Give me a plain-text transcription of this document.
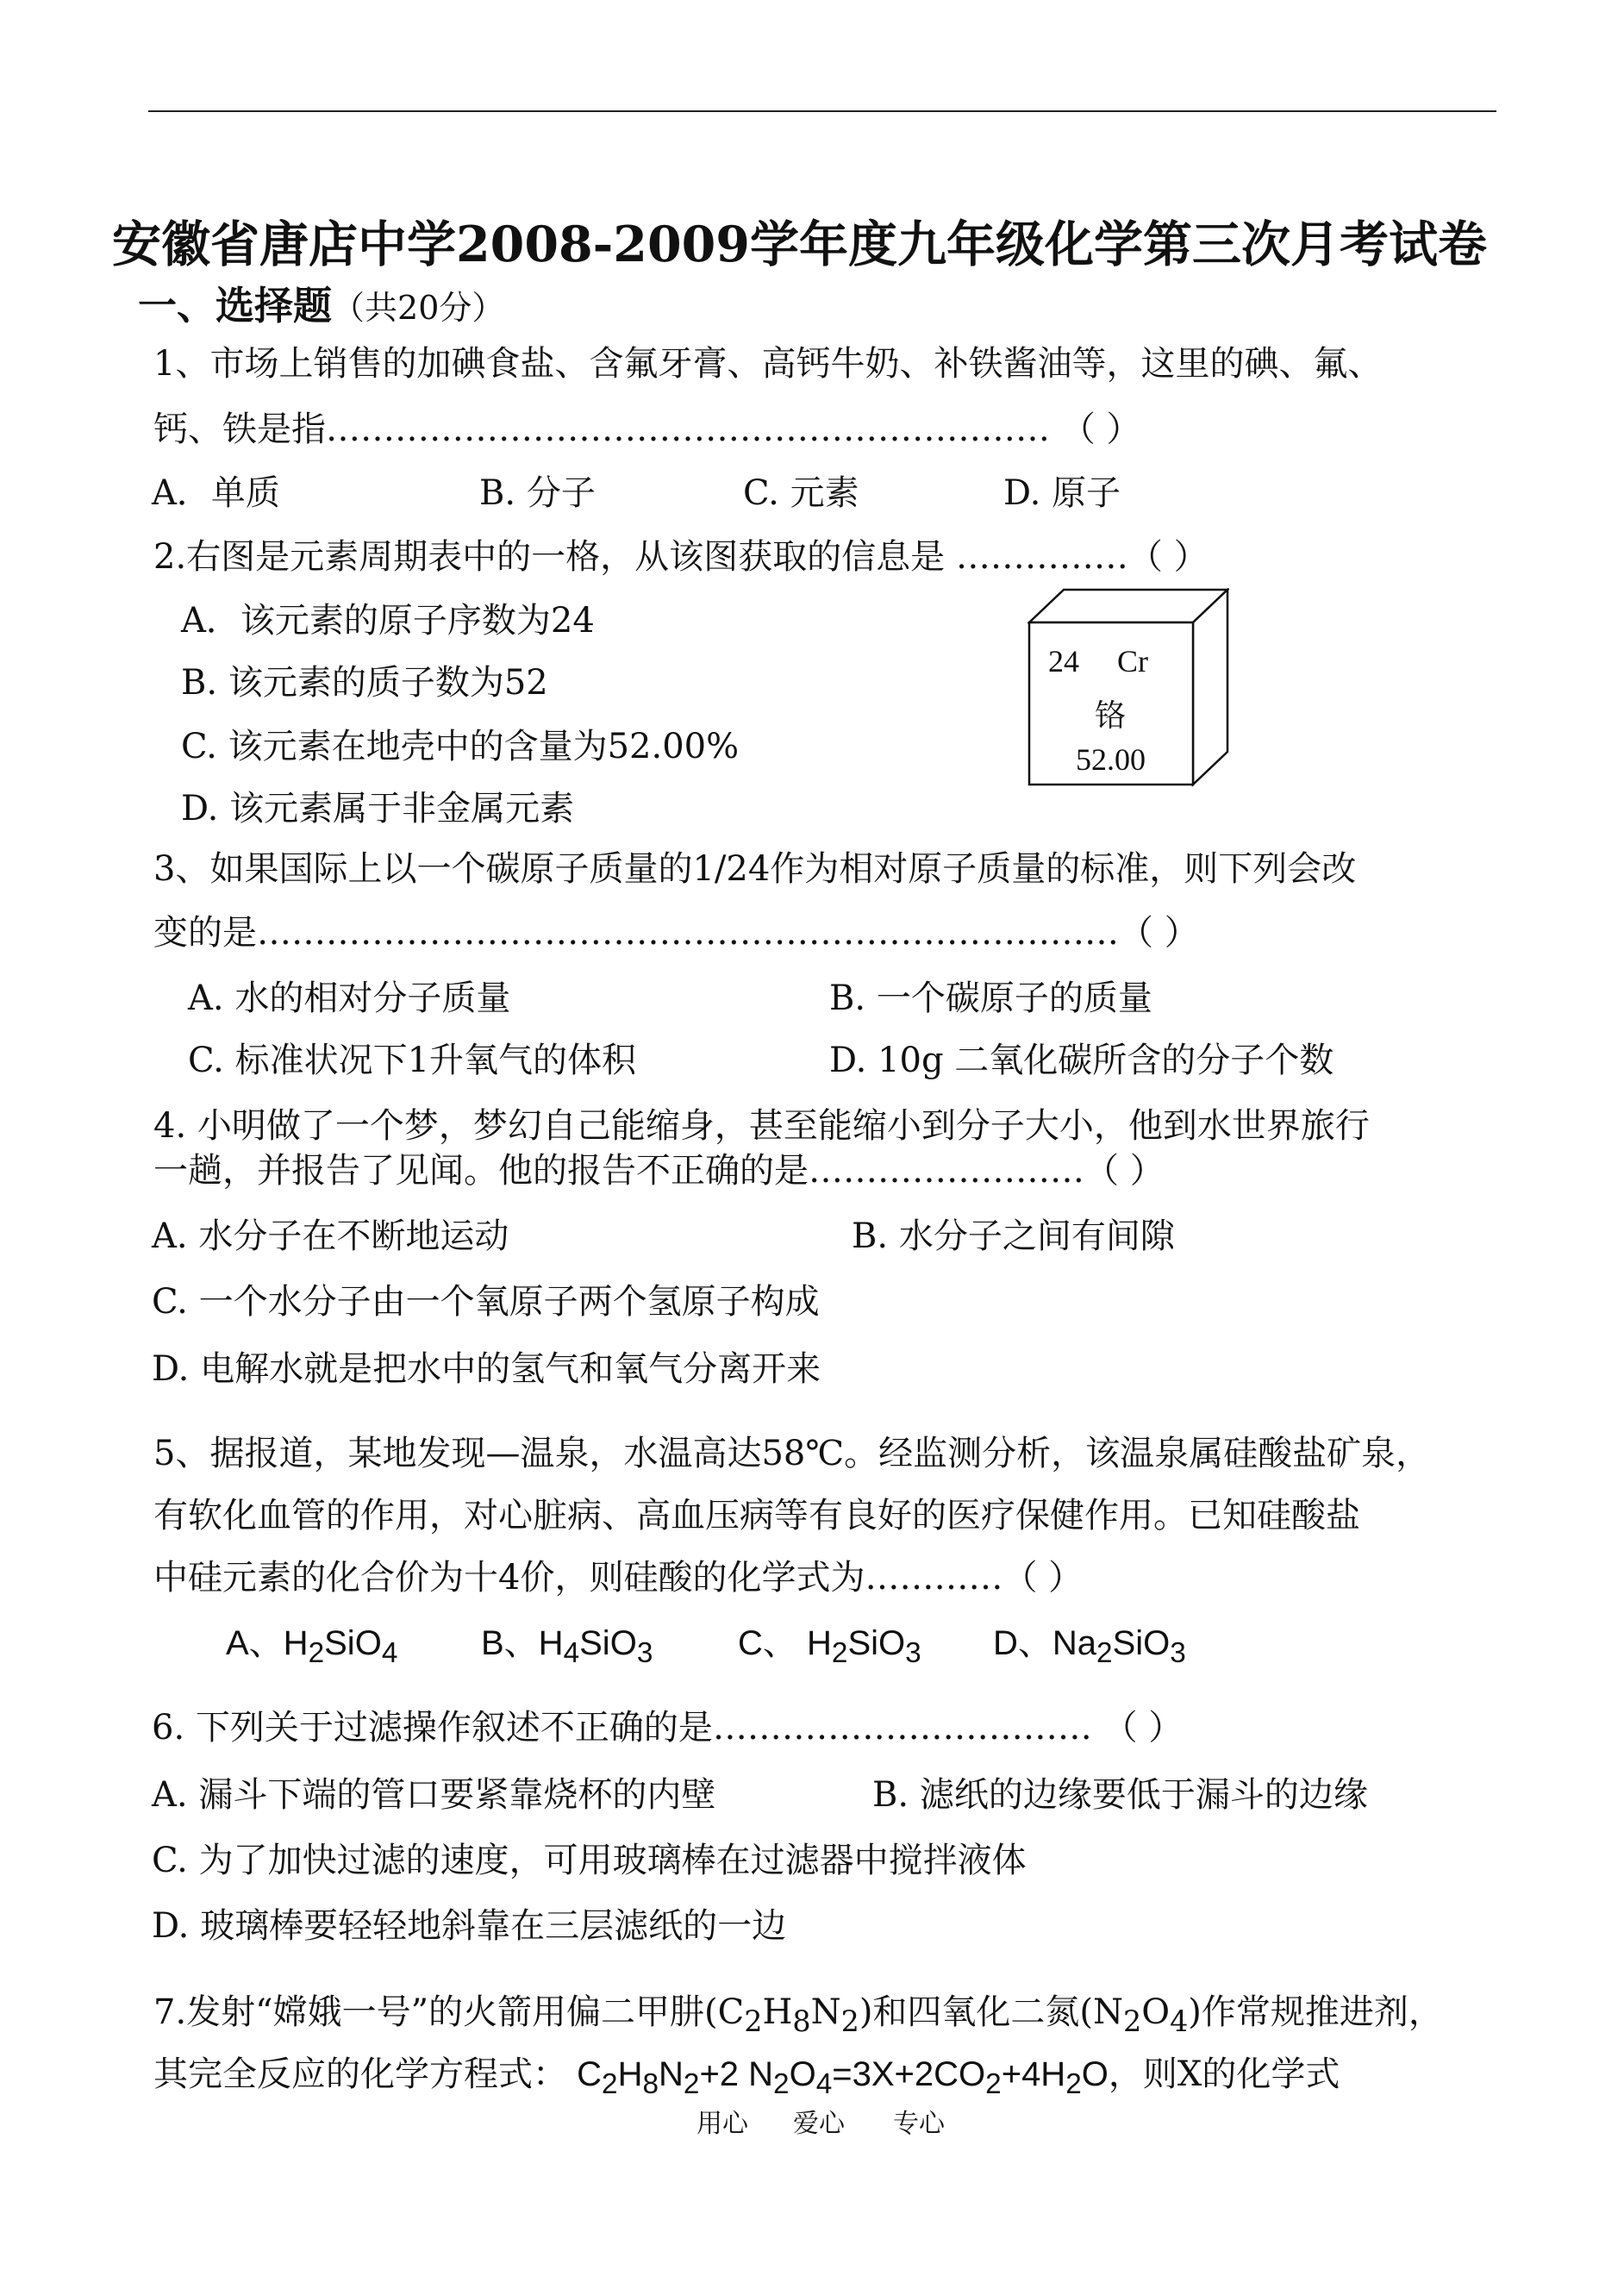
安徽省唐店中学2008-2009学年度九年级化学第三次月考试卷
一、选择题（共20分）
1、市场上销售的加碘食盐、含氟牙膏、高钙牛奶、补铁酱油等，这里的碘、氟、
钙、铁是指……………………………………………………… （ ）
A．单质	B. 分子	C. 元素	D. 原子
2.右图是元素周期表中的一格，从该图获取的信息是 ……………（ ）
A．该元素的原子序数为24
B. 该元素的质子数为52
C. 该元素在地壳中的含量为52.00%
D. 该元素属于非金属元素
24 Cr
铬
52.00
3、如果国际上以一个碳原子质量的1/24作为相对原子质量的标准，则下列会改
变的是…………………………………………………………………（ ）
A. 水的相对分子质量	B. 一个碳原子的质量
C. 标准状况下1升氧气的体积	D. 10g 二氧化碳所含的分子个数
4. 小明做了一个梦，梦幻自己能缩身，甚至能缩小到分子大小，他到水世界旅行
一趟，并报告了见闻。他的报告不正确的是……………………（ ）
A. 水分子在不断地运动	B. 水分子之间有间隙
C. 一个水分子由一个氧原子两个氢原子构成
D. 电解水就是把水中的氢气和氧气分离开来
5、据报道，某地发现—温泉，水温高达58℃。经监测分析，该温泉属硅酸盐矿泉，
有软化血管的作用，对心脏病、高血压病等有良好的医疗保健作用。已知硅酸盐
中硅元素的化合价为十4价，则硅酸的化学式为…………（ ）
A、$H_2SiO_4$ B、$H_4SiO_3$ C、 $H_2SiO_3$ D、$Na_2SiO_3$
6. 下列关于过滤操作叙述不正确的是…………………………… （ ）
A. 漏斗下端的管口要紧靠烧杯的内壁	B. 滤纸的边缘要低于漏斗的边缘
C. 为了加快过滤的速度，可用玻璃棒在过滤器中搅拌液体
D. 玻璃棒要轻轻地斜靠在三层滤纸的一边
7.发射“嫦娥一号”的火箭用偏二甲肼$(C_2H_8N_2)$和四氧化二氮$(N_2O_4)$作常规推进剂，
其完全反应的化学方程式： $C_2H_8N_2+2$ $N_2O_4=3X+2CO_2+4H_2O$，则X的化学式
用心 爱心 专心
